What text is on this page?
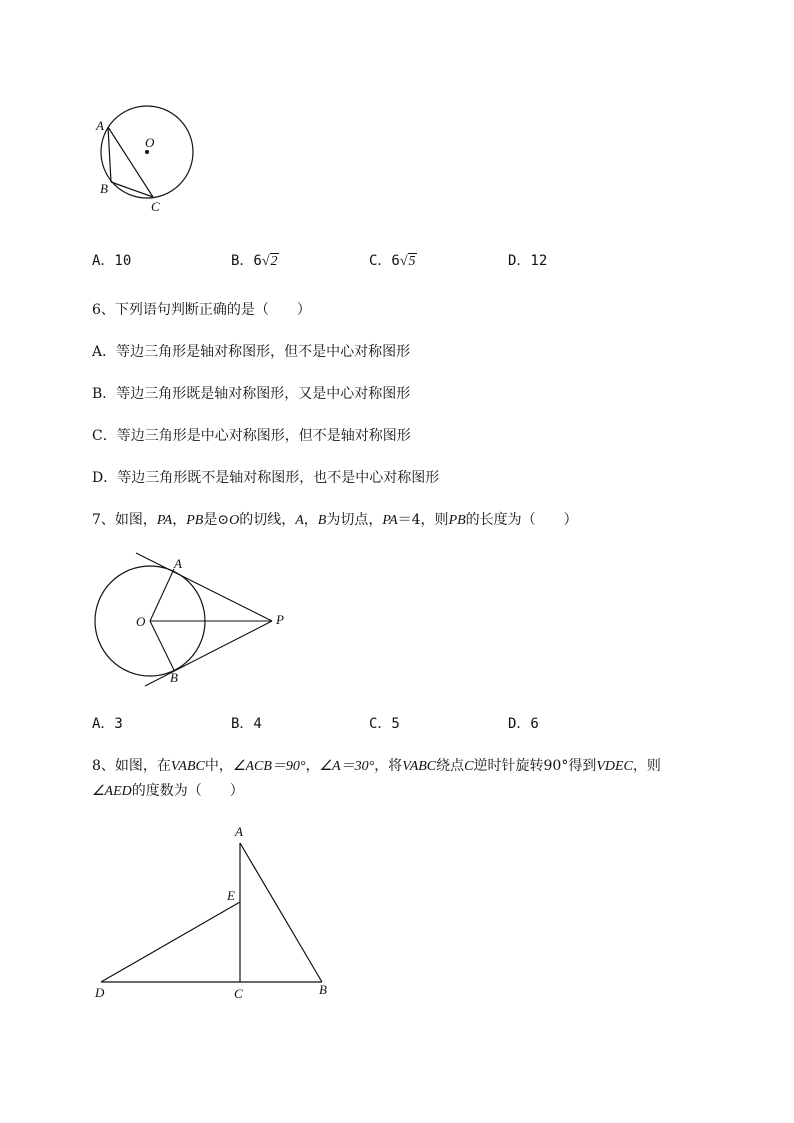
A
O
B
C
A．10	B．6√2	C．6√5	D．12
6、下列语句判断正确的是（　　）
A．等边三角形是轴对称图形，但不是中心对称图形
B．等边三角形既是轴对称图形，又是中心对称图形
C．等边三角形是中心对称图形，但不是轴对称图形
D．等边三角形既不是轴对称图形，也不是中心对称图形
7、如图，PA，PB是⊙O的切线，A，B为切点，PA＝4，则PB的长度为（　　）
A
O	P
B
A．3	B．4	C．5	D．6
8、如图，在VABC中，∠ACB＝90°，∠A＝30°，将VABC绕点C逆时针旋转90°得到VDEC，则
∠AED的度数为（　　）
A
E
D	C	B
